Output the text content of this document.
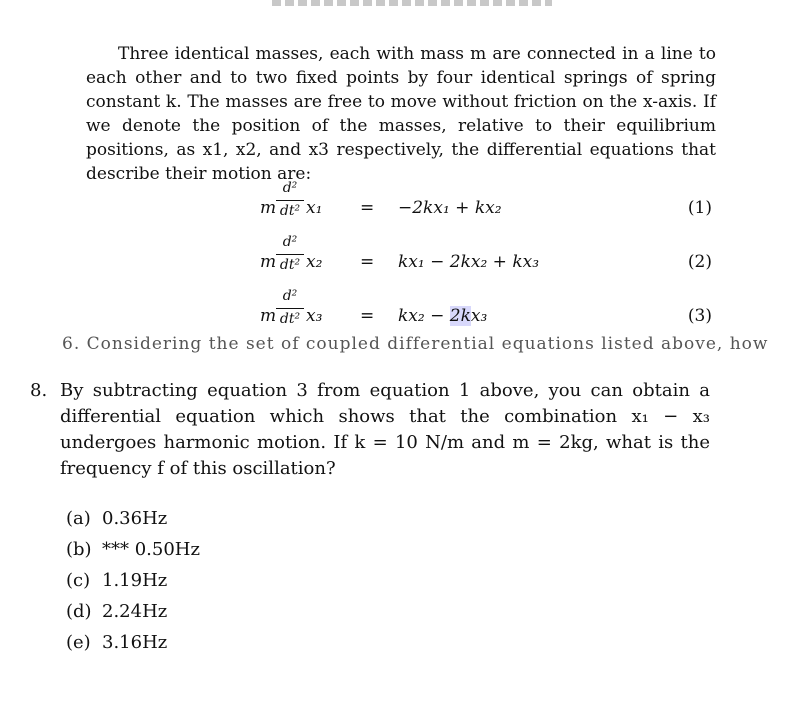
Three identical masses, each with mass m are connected in a line to each other and to two fixed points by four identical springs of spring constant k. The masses are free to move without friction on the x-axis. If we denote the position of the masses, relative to their equilibrium positions, as x1, x2, and x3 respectively, the differential equations that describe their motion are:
m
d²
dt² x₁ = −2kx₁ + kx₂	(1)
m
d²
dt² x₂ = kx₁ − 2kx₂ + kx₃	(2)
m
d²
dt² x₃ = kx₂ − 2kx₃	(3)
6. Considering the set of coupled differential equations listed above, how
8. By subtracting equation 3 from equation 1 above, you can obtain a differential equation which shows that the combination x₁ − x₃ undergoes harmonic motion. If k = 10 N/m and m = 2kg, what is the frequency f of this oscillation?
(a) 0.36Hz
(b) *** 0.50Hz
(c) 1.19Hz
(d) 2.24Hz
(e) 3.16Hz
